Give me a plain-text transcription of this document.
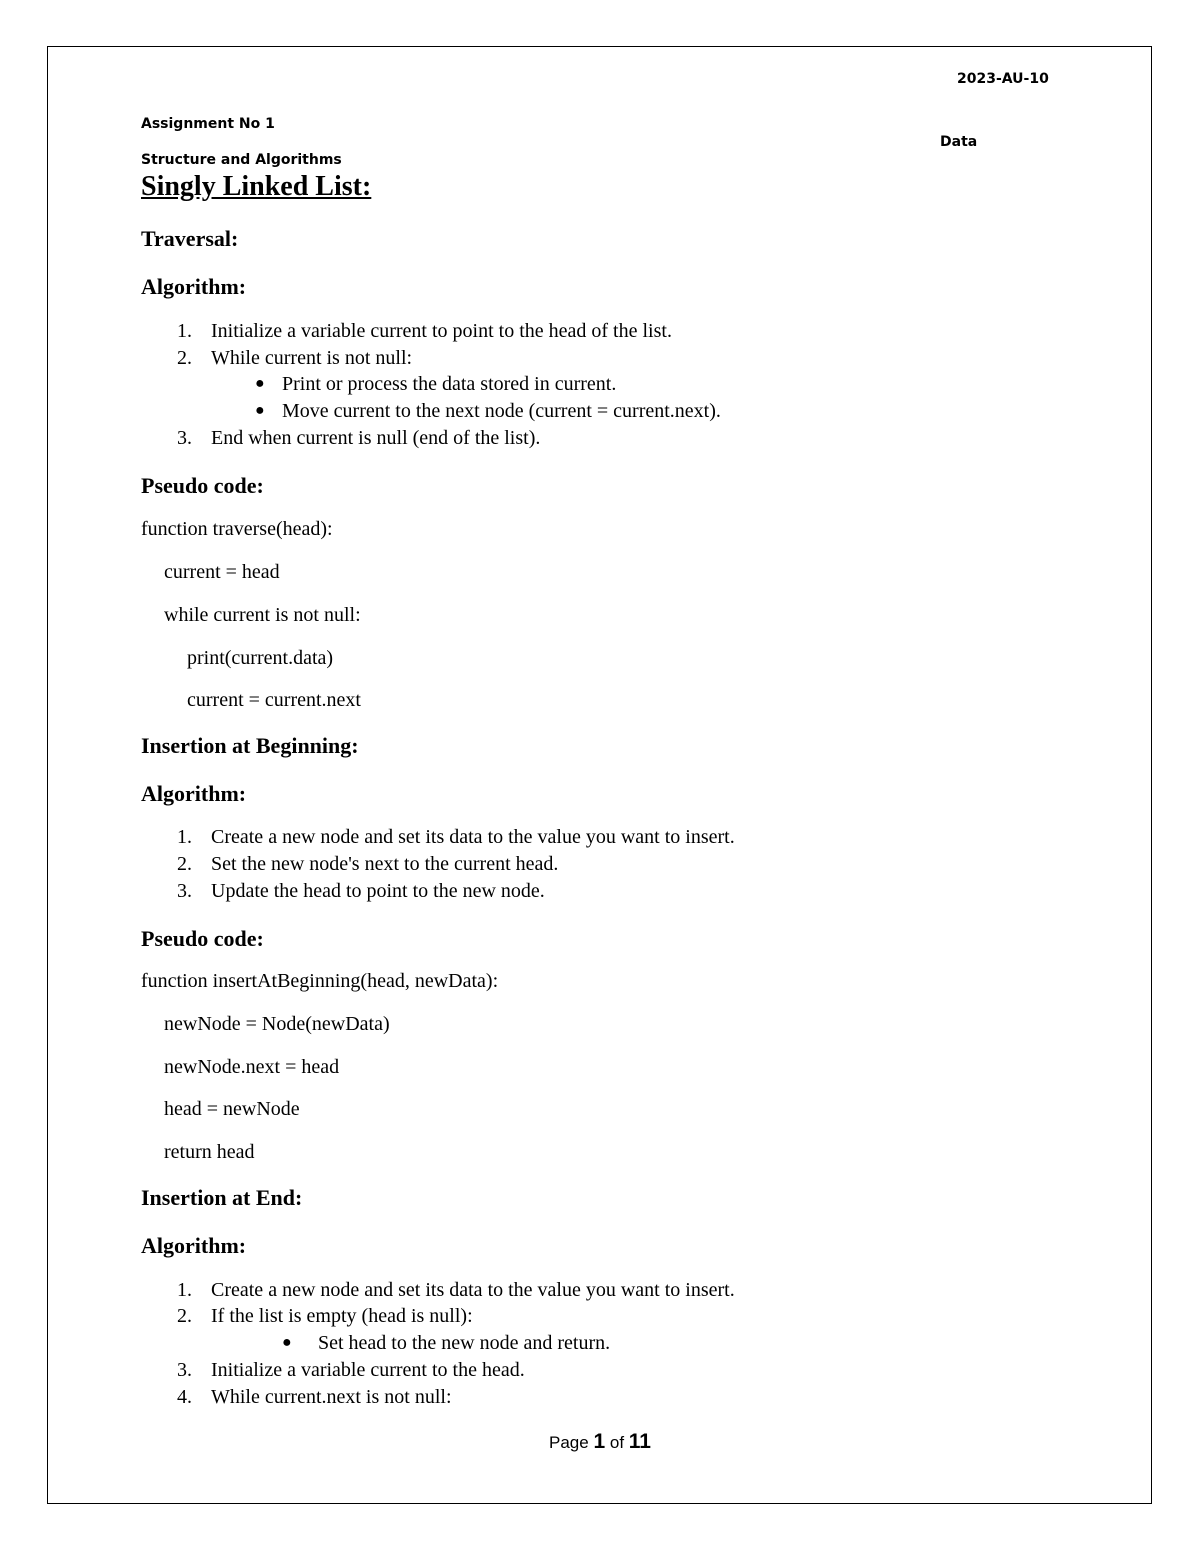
2023-AU-10
Assignment No 1
Data
Structure and Algorithms
Singly Linked List:
Traversal:
Algorithm:
1. Initialize a variable current to point to the head of the list.
2. While current is not null:
● Print or process the data stored in current.
● Move current to the next node (current = current.next).
3. End when current is null (end of the list).
Pseudo code:
function traverse(head):
current = head
while current is not null:
print(current.data)
current = current.next
Insertion at Beginning:
Algorithm:
1. Create a new node and set its data to the value you want to insert.
2. Set the new node's next to the current head.
3. Update the head to point to the new node.
Pseudo code:
function insertAtBeginning(head, newData):
newNode = Node(newData)
newNode.next = head
head = newNode
return head
Insertion at End:
Algorithm:
1. Create a new node and set its data to the value you want to insert.
2. If the list is empty (head is null):
● Set head to the new node and return.
3. Initialize a variable current to the head.
4. While current.next is not null:
Page 1 of 11
